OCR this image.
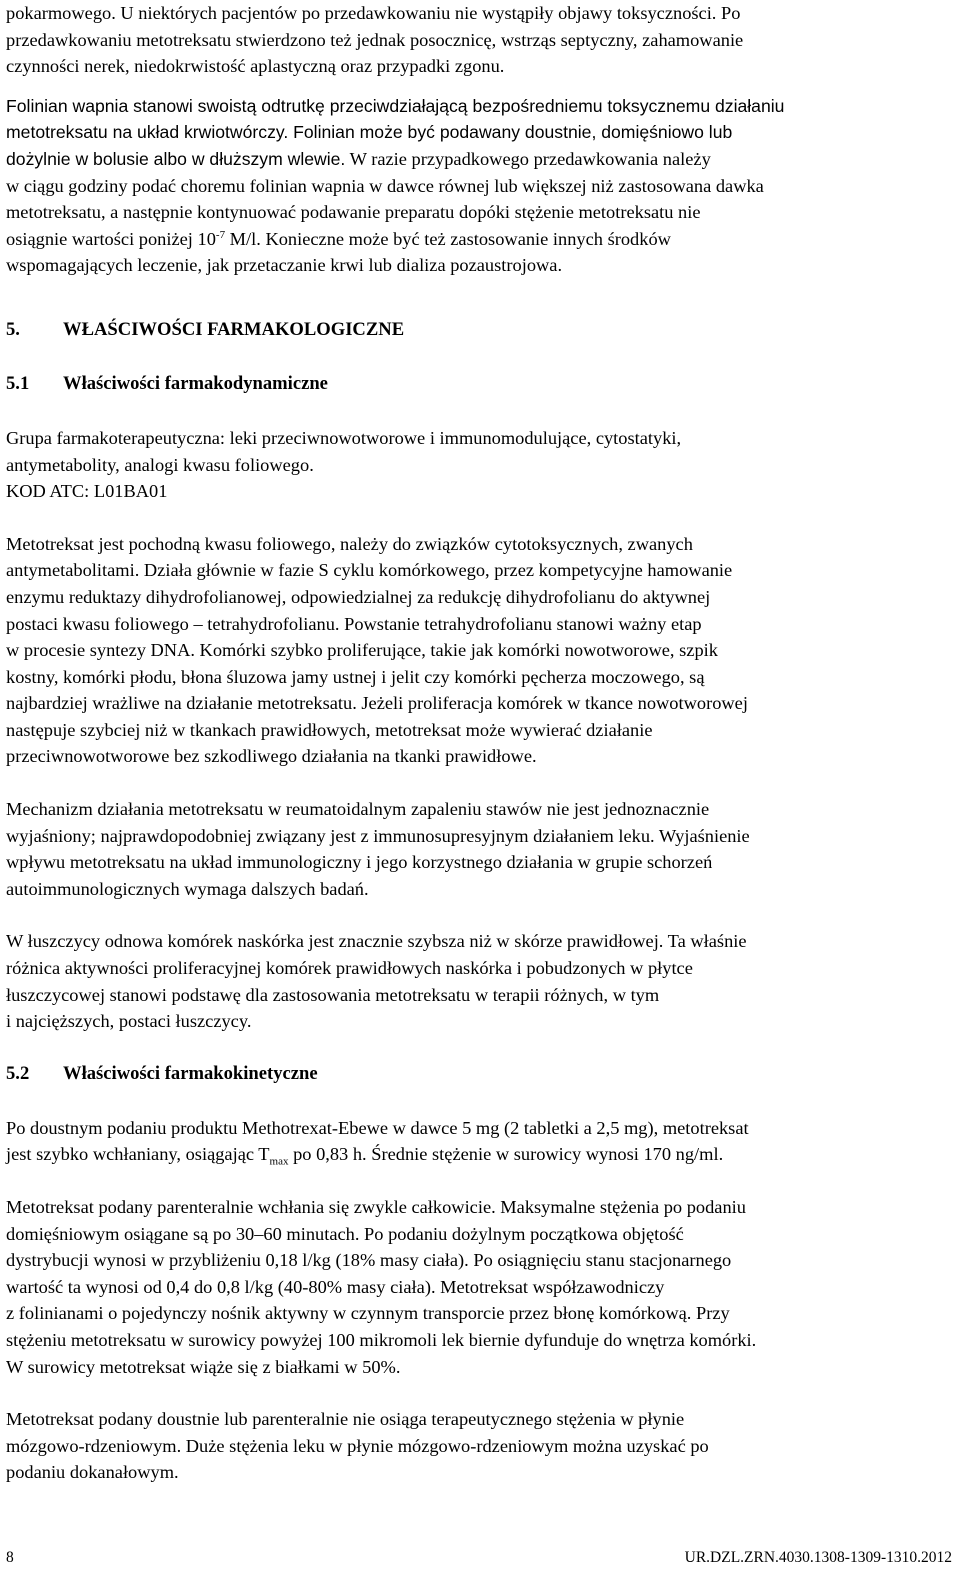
pokarmowego. U niektórych pacjentów po przedawkowaniu nie wystąpiły objawy toksyczności. Po
przedawkowaniu metotreksatu stwierdzono też jednak posocznicę, wstrząs septyczny, zahamowanie
czynności nerek, niedokrwistość aplastyczną oraz przypadki zgonu.

Folinian wapnia stanowi swoistą odtrutkę przeciwdziałającą bezpośredniemu toksycznemu działaniu
metotreksatu na układ krwiotwórczy. Folinian może być podawany doustnie, domięśniowo lub
dożylnie w bolusie albo w dłuższym wlewie. W razie przypadkowego przedawkowania należy
w ciągu godziny podać choremu folinian wapnia w dawce równej lub większej niż zastosowana dawka
metotreksatu, a następnie kontynuować podawanie preparatu dopóki stężenie metotreksatu nie
osiągnie wartości poniżej $10^{-7}$ M/l. Konieczne może być też zastosowanie innych środków
wspomagających leczenie, jak przetaczanie krwi lub dializa pozaustrojowa.

5.	WŁAŚCIWOŚCI FARMAKOLOGICZNE
5.1	Właściwości farmakodynamiczne

Grupa farmakoterapeutyczna: leki przeciwnowotworowe i immunomodulujące, cytostatyki,
antymetabolity, analogi kwasu foliowego.
KOD ATC: L01BA01

Metotreksat jest pochodną kwasu foliowego, należy do związków cytotoksycznych, zwanych
antymetabolitami. Działa głównie w fazie S cyklu komórkowego, przez kompetycyjne hamowanie
enzymu reduktazy dihydrofolianowej, odpowiedzialnej za redukcję dihydrofolianu do aktywnej
postaci kwasu foliowego – tetrahydrofolianu. Powstanie tetrahydrofolianu stanowi ważny etap
w procesie syntezy DNA. Komórki szybko proliferujące, takie jak komórki nowotworowe, szpik
kostny, komórki płodu, błona śluzowa jamy ustnej i jelit czy komórki pęcherza moczowego, są
najbardziej wrażliwe na działanie metotreksatu. Jeżeli proliferacja komórek w tkance nowotworowej
następuje szybciej niż w tkankach prawidłowych, metotreksat może wywierać działanie
przeciwnowotworowe bez szkodliwego działania na tkanki prawidłowe.

Mechanizm działania metotreksatu w reumatoidalnym zapaleniu stawów nie jest jednoznacznie
wyjaśniony; najprawdopodobniej związany jest z immunosupresyjnym działaniem leku. Wyjaśnienie
wpływu metotreksatu na układ immunologiczny i jego korzystnego działania w grupie schorzeń
autoimmunologicznych wymaga dalszych badań.

W łuszczycy odnowa komórek naskórka jest znacznie szybsza niż w skórze prawidłowej. Ta właśnie
różnica aktywności proliferacyjnej komórek prawidłowych naskórka i pobudzonych w płytce
łuszczycowej stanowi podstawę dla zastosowania metotreksatu w terapii różnych, w tym
i najcięższych, postaci łuszczycy.

5.2	Właściwości farmakokinetyczne

Po doustnym podaniu produktu Methotrexat-Ebewe w dawce 5 mg (2 tabletki a 2,5 mg), metotreksat
jest szybko wchłaniany, osiągając $T_{max}$ po 0,83 h. Średnie stężenie w surowicy wynosi 170 ng/ml.

Metotreksat podany parenteralnie wchłania się zwykle całkowicie. Maksymalne stężenia po podaniu
domięśniowym osiągane są po 30–60 minutach. Po podaniu dożylnym początkowa objętość
dystrybucji wynosi w przybliżeniu 0,18 l/kg (18% masy ciała). Po osiągnięciu stanu stacjonarnego
wartość ta wynosi od 0,4 do 0,8 l/kg (40-80% masy ciała). Metotreksat współzawodniczy
z folinianami o pojedynczy nośnik aktywny w czynnym transporcie przez błonę komórkową. Przy
stężeniu metotreksatu w surowicy powyżej 100 mikromoli lek biernie dyfunduje do wnętrza komórki.
W surowicy metotreksat wiąże się z białkami w 50%.

Metotreksat podany doustnie lub parenteralnie nie osiąga terapeutycznego stężenia w płynie
mózgowo-rdzeniowym. Duże stężenia leku w płynie mózgowo-rdzeniowym można uzyskać po
podaniu dokanałowym.

8	UR.DZL.ZRN.4030.1308-1309-1310.2012
